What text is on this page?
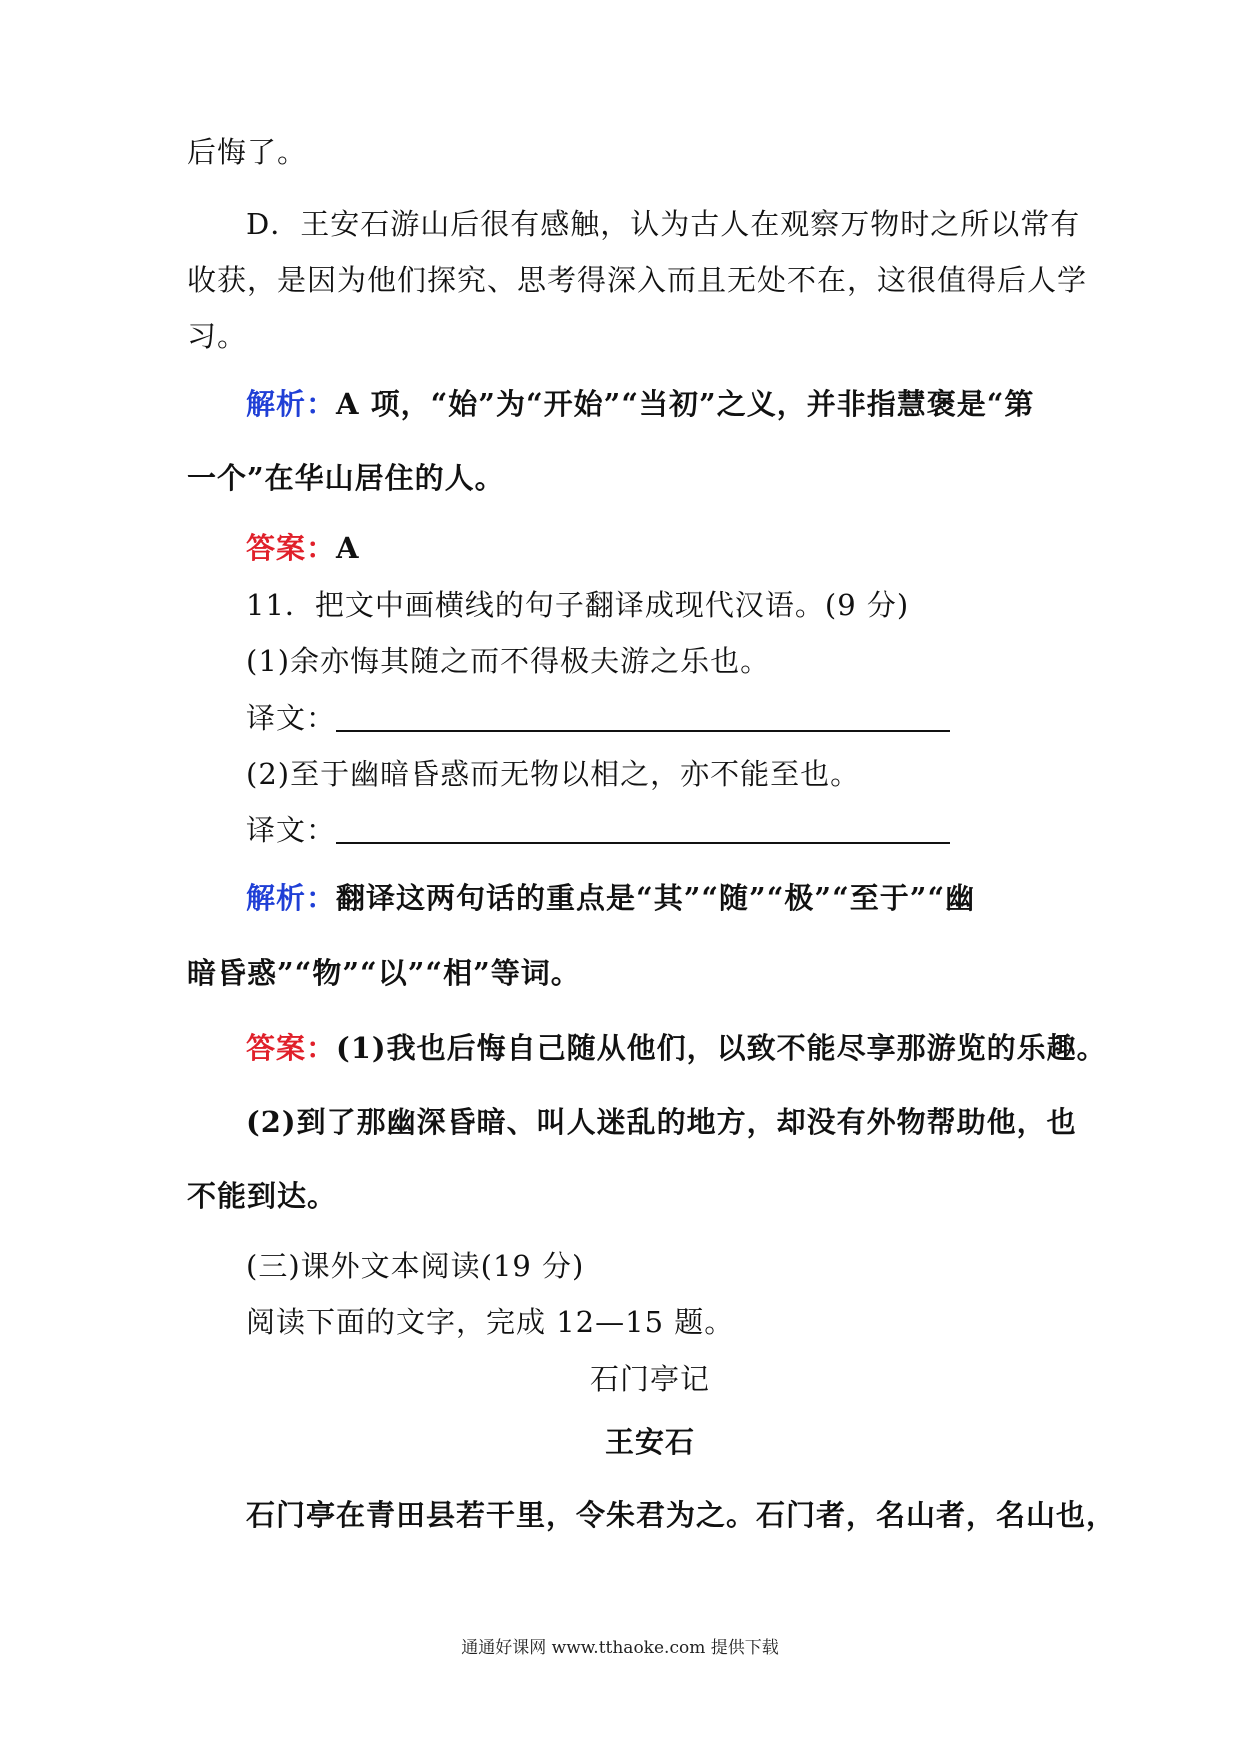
后悔了。
D．王安石游山后很有感触，认为古人在观察万物时之所以常有
收获，是因为他们探究、思考得深入而且无处不在，这很值得后人学
习。
解析：A 项，“始”为“开始”“当初”之义，并非指慧褒是“第
一个”在华山居住的人。
答案：A
11．把文中画横线的句子翻译成现代汉语。(9 分)
(1)余亦悔其随之而不得极夫游之乐也。
译文：
(2)至于幽暗昏惑而无物以相之，亦不能至也。
译文：
解析：翻译这两句话的重点是“其”“随”“极”“至于”“幽
暗昏惑”“物”“以”“相”等词。
答案：(1)我也后悔自己随从他们，以致不能尽享那游览的乐趣。
(2)到了那幽深昏暗、叫人迷乱的地方，却没有外物帮助他，也
不能到达。
(三)课外文本阅读(19 分)
阅读下面的文字，完成 12—15 题。
石门亭记
王安石
石门亭在青田县若干里，令朱君为之。石门者，名山者，名山也，
通通好课网 www.tthaoke.com 提供下载
